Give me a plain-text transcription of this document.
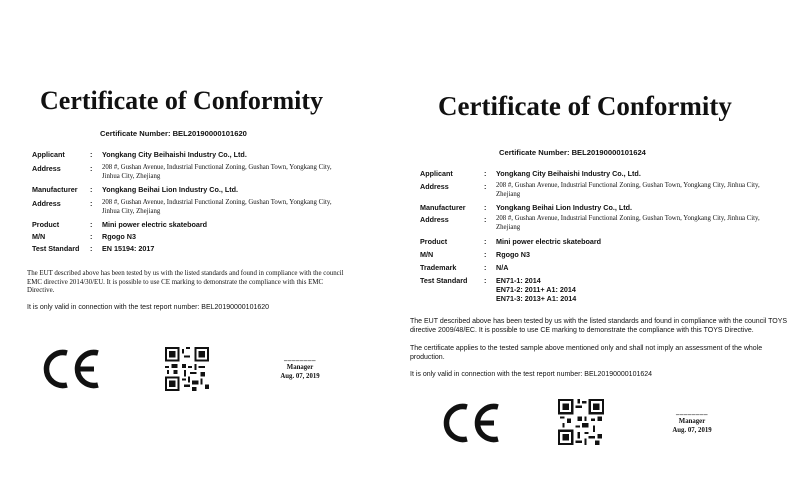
Certificate of Conformity
Certificate Number: BEL20190000101620
Applicant	:	Yongkang City Beihaishi Industry Co., Ltd.
Address	:	208 #, Gushan Avenue, Industrial Functional Zoning, Gushan Town, Yongkang City, Jinhua City, Zhejiang
Manufacturer	:	Yongkang Beihai Lion Industry Co., Ltd.
Address	:	208 #, Gushan Avenue, Industrial Functional Zoning, Gushan Town, Yongkang City, Jinhua City, Zhejiang
Product	:	Mini power electric skateboard
M/N	:	Rgogo N3
Test Standard	:	EN 15194: 2017
The EUT described above has been tested by us with the listed standards and found in compliance with the council EMC directive 2014/30/EU. It is possible to use CE marking to demonstrate the compliance with this EMC Directive.
It is only valid in connection with the test report number: BEL20190000101620
________
Manager
Aug. 07, 2019
Certificate of Conformity
Certificate Number: BEL20190000101624
Applicant	:	Yongkang City Beihaishi Industry Co., Ltd.
Address	:	208 #, Gushan Avenue, Industrial Functional Zoning, Gushan Town, Yongkang City, Jinhua City, Zhejiang
Manufacturer	:	Yongkang Beihai Lion Industry Co., Ltd.
Address	:	208 #, Gushan Avenue, Industrial Functional Zoning, Gushan Town, Yongkang City, Jinhua City, Zhejiang
Product	:	Mini power electric skateboard
M/N	:	Rgogo N3
Trademark	:	N/A
Test Standard	:	EN71-1: 2014
EN71-2: 2011+ A1: 2014
EN71-3: 2013+ A1: 2014
The EUT described above has been tested by us with the listed standards and found in compliance with the council TOYS directive 2009/48/EC. It is possible to use CE marking to demonstrate the compliance with this TOYS Directive.
The certificate applies to the tested sample above mentioned only and shall not imply an assessment of the whole production.
It is only valid in connection with the test report number: BEL20190000101624
________
Manager
Aug. 07, 2019
